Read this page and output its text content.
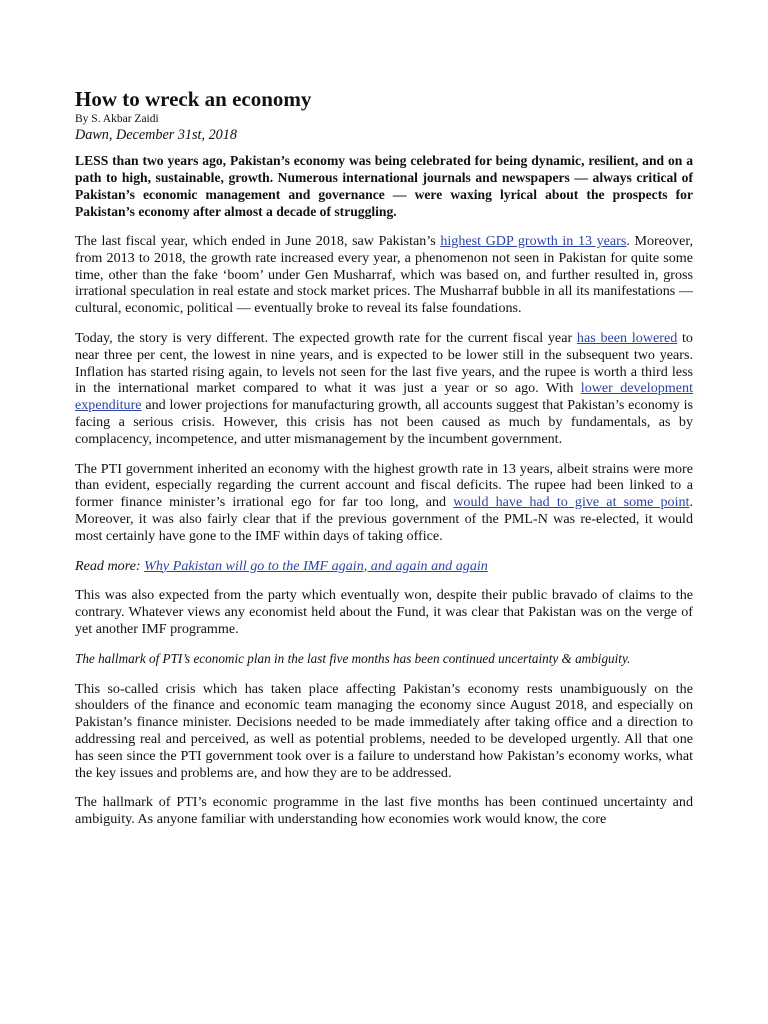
How to wreck an economy
By S. Akbar Zaidi
Dawn, December 31st, 2018

LESS than two years ago, Pakistan’s economy was being celebrated for being dynamic, resilient, and on a path to high, sustainable, growth. Numerous international journals and newspapers — always critical of Pakistan’s economic management and governance — were waxing lyrical about the prospects for Pakistan’s economy after almost a decade of struggling.

The last fiscal year, which ended in June 2018, saw Pakistan’s highest GDP growth in 13 years. Moreover, from 2013 to 2018, the growth rate increased every year, a phenomenon not seen in Pakistan for quite some time, other than the fake ‘boom’ under Gen Musharraf, which was based on, and further resulted in, gross irrational speculation in real estate and stock market prices. The Musharraf bubble in all its manifestations — cultural, economic, political — eventually broke to reveal its false foundations.

Today, the story is very different. The expected growth rate for the current fiscal year has been lowered to near three per cent, the lowest in nine years, and is expected to be lower still in the subsequent two years. Inflation has started rising again, to levels not seen for the last five years, and the rupee is worth a third less in the international market compared to what it was just a year or so ago. With lower development expenditure and lower projections for manufacturing growth, all accounts suggest that Pakistan’s economy is facing a serious crisis. However, this crisis has not been caused as much by fundamentals, as by complacency, incompetence, and utter mismanagement by the incumbent government.

The PTI government inherited an economy with the highest growth rate in 13 years, albeit strains were more than evident, especially regarding the current account and fiscal deficits. The rupee had been linked to a former finance minister’s irrational ego for far too long, and would have had to give at some point. Moreover, it was also fairly clear that if the previous government of the PML-N was re-elected, it would most certainly have gone to the IMF within days of taking office.

Read more: Why Pakistan will go to the IMF again, and again and again

This was also expected from the party which eventually won, despite their public bravado of claims to the contrary. Whatever views any economist held about the Fund, it was clear that Pakistan was on the verge of yet another IMF programme.

The hallmark of PTI’s economic plan in the last five months has been continued uncertainty & ambiguity.

This so-called crisis which has taken place affecting Pakistan’s economy rests unambiguously on the shoulders of the finance and economic team managing the economy since August 2018, and especially on Pakistan’s finance minister. Decisions needed to be made immediately after taking office and a direction to addressing real and perceived, as well as potential problems, needed to be developed urgently. All that one has seen since the PTI government took over is a failure to understand how Pakistan’s economy works, what the key issues and problems are, and how they are to be addressed.

The hallmark of PTI’s economic programme in the last five months has been continued uncertainty and ambiguity. As anyone familiar with understanding how economies work would know, the core
